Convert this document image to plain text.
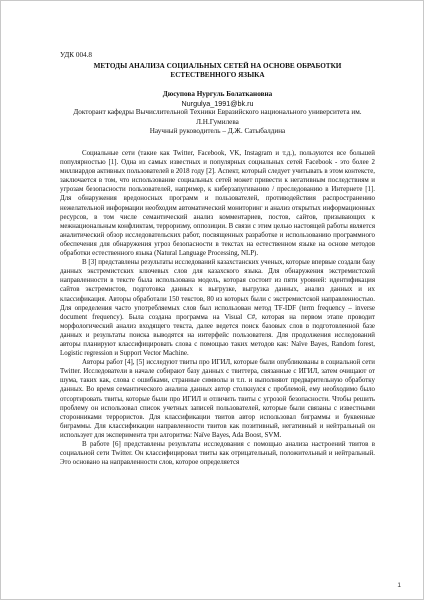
УДК 004.8
МЕТОДЫ АНАЛИЗА СОЦИАЛЬНЫХ СЕТЕЙ НА ОСНОВЕ ОБРАБОТКИ ЕСТЕСТВЕННОГО ЯЗЫКА
Дюсупова Нургуль Болаткановна
Nurgulya_1991@bk.ru
Докторант кафедры Вычислительной Техники Евразийского национального университета им. Л.Н.Гумилева
Научный руководитель – Д.Ж. Сатыбалдина

Социальные сети (такие как Twitter, Facebook, VK, Instagram и т.д.), пользуются все большей популярностью [1]. Одна из самых известных и популярных социальных сетей Facebook - это более 2 миллиардов активных пользователей в 2018 году [2]. Аспект, который следует учитывать в этом контексте, заключается в том, что использование социальных сетей может привести к негативным последствиям и угрозам безопасности пользователей, например, к киберзапугиванию / преследованию в Интернете [1]. Для обнаружения вредоносных программ и пользователей, противодействия распространению нежелательной информации необходим автоматический мониторинг и анализ открытых информационных ресурсов, в том числе семантический анализ комментариев, постов, сайтов, призывающих к межнациональным конфликтам, терроризму, оппозиции. В связи с этим целью настоящей работы является аналитический обзор исследовательских работ, посвященных разработке и использованию программного обеспечения для обнаружения угроз безопасности в текстах на естественном языке на основе методов обработки естественного языка (Natural Language Processing, NLP).

В [3] представлены результаты исследований казахстанских ученых, которые впервые создали базу данных экстремистских ключевых слов для казахского языка. Для обнаружения экстремистской направленности в тексте была использована модель, которая состоит из пяти уровней: идентификация сайтов экстремистов, подготовка данных к выгрузке, выгрузка данных, анализ данных и их классификация. Авторы обработали 150 текстов, 80 из которых были с экстремистской направленностью. Для определения часто употребляемых слов был использован метод TF-IDF (term frequency – inverse document frequency). Была создана программа на Visual C#, которая на первом этапе проводит морфологический анализ входящего текста, далее ведется поиск базовых слов в подготовленной базе данных и результаты поиска выводятся на интерфейс пользователя. Для продолжения исследований авторы планируют классифицировать слова с помощью таких методов как: Naïve Bayes, Random forest, Logistic regression и Support Vector Machine.

Авторы работ [4], [5] исследуют твиты про ИГИЛ, которые были опубликованы в социальной сети Twitter. Исследователи в начале собирают базу данных с твиттера, связанные с ИГИЛ, затем очищают от шума, таких как, слова с ошибками, странные символы и т.п. и выполняют предварительную обработку данных. Во время семантического анализа данных автор столкнулся с проблемой, ему необходимо было отсортировать твиты, которые были про ИГИЛ и отличить твиты с угрозой безопасности. Чтобы решить проблему он использовал список учетных записей пользователей, которые были связаны с известными сторонниками террористов. Для классификации твитов автор использовал биграммы и буквенные биграммы. Для классификации направленности твитов как позитивный, негативный и нейтральный он использует для эксперимента три алгоритма: Naïve Bayes, Ada Boost, SVM.

В работе [6] представлены результаты исследования с помощью анализа настроений твитов в социальной сети Twitter. Он классифицировал твиты как отрицательный, положительный и нейтральный. Это основано на направленности слов, которое определяется

1
